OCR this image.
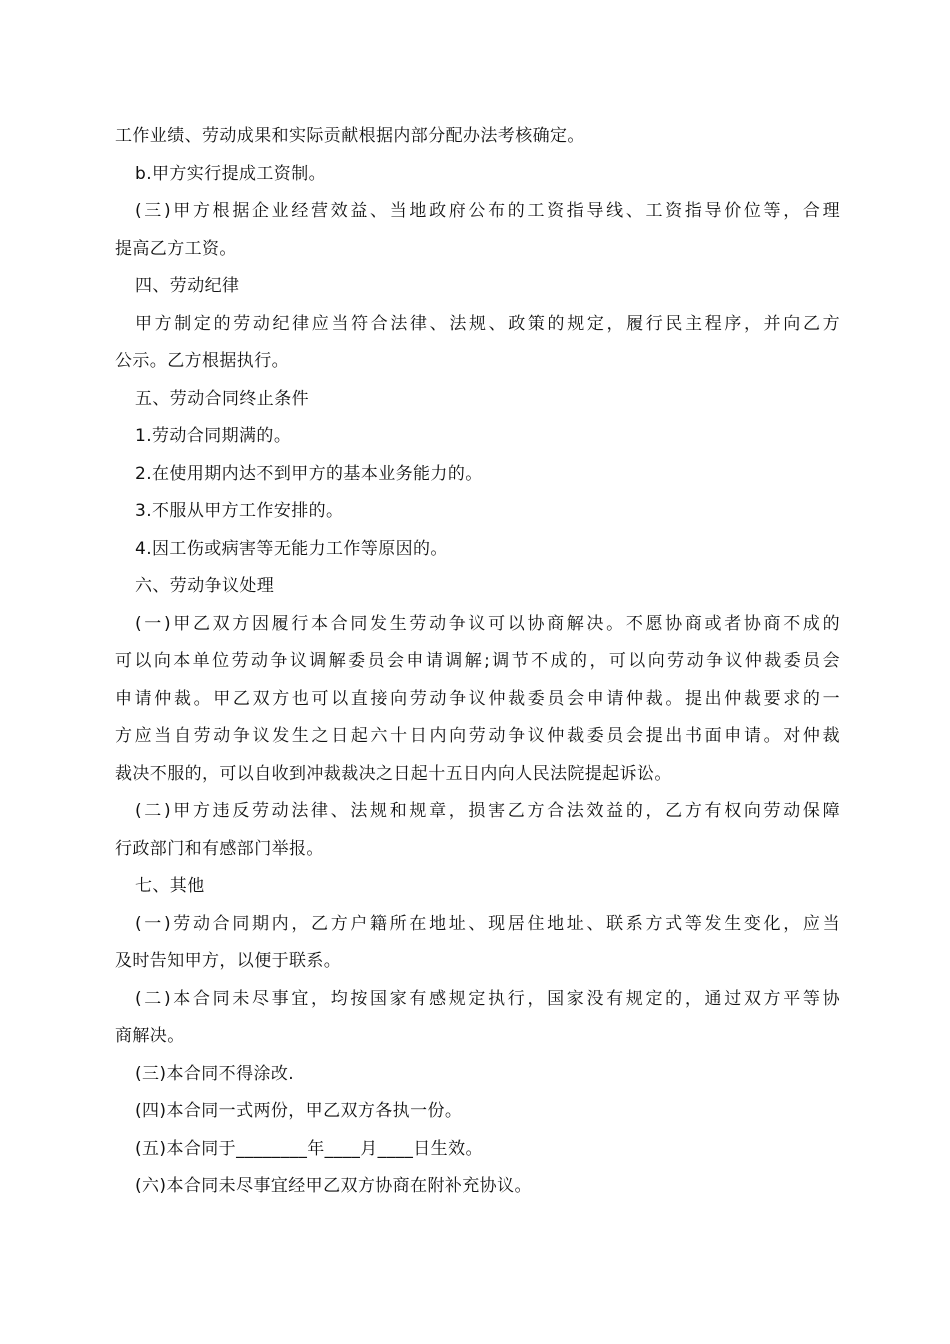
工作业绩、劳动成果和实际贡献根据内部分配办法考核确定。
b.甲方实行提成工资制。
(三)甲方根据企业经营效益、当地政府公布的工资指导线、工资指导价位等，合理
提高乙方工资。
四、劳动纪律
甲方制定的劳动纪律应当符合法律、法规、政策的规定，履行民主程序，并向乙方
公示。乙方根据执行。
五、劳动合同终止条件
1.劳动合同期满的。
2.在使用期内达不到甲方的基本业务能力的。
3.不服从甲方工作安排的。
4.因工伤或病害等无能力工作等原因的。
六、劳动争议处理
(一)甲乙双方因履行本合同发生劳动争议可以协商解决。不愿协商或者协商不成的
可以向本单位劳动争议调解委员会申请调解;调节不成的，可以向劳动争议仲裁委员会
申请仲裁。甲乙双方也可以直接向劳动争议仲裁委员会申请仲裁。提出仲裁要求的一
方应当自劳动争议发生之日起六十日内向劳动争议仲裁委员会提出书面申请。对仲裁
裁决不服的，可以自收到冲裁裁决之日起十五日内向人民法院提起诉讼。
(二)甲方违反劳动法律、法规和规章，损害乙方合法效益的，乙方有权向劳动保障
行政部门和有感部门举报。
七、其他
(一)劳动合同期内，乙方户籍所在地址、现居住地址、联系方式等发生变化，应当
及时告知甲方，以便于联系。
(二)本合同未尽事宜，均按国家有感规定执行，国家没有规定的，通过双方平等协
商解决。
(三)本合同不得涂改.
(四)本合同一式两份，甲乙双方各执一份。
(五)本合同于________年____月____日生效。
(六)本合同未尽事宜经甲乙双方协商在附补充协议。
